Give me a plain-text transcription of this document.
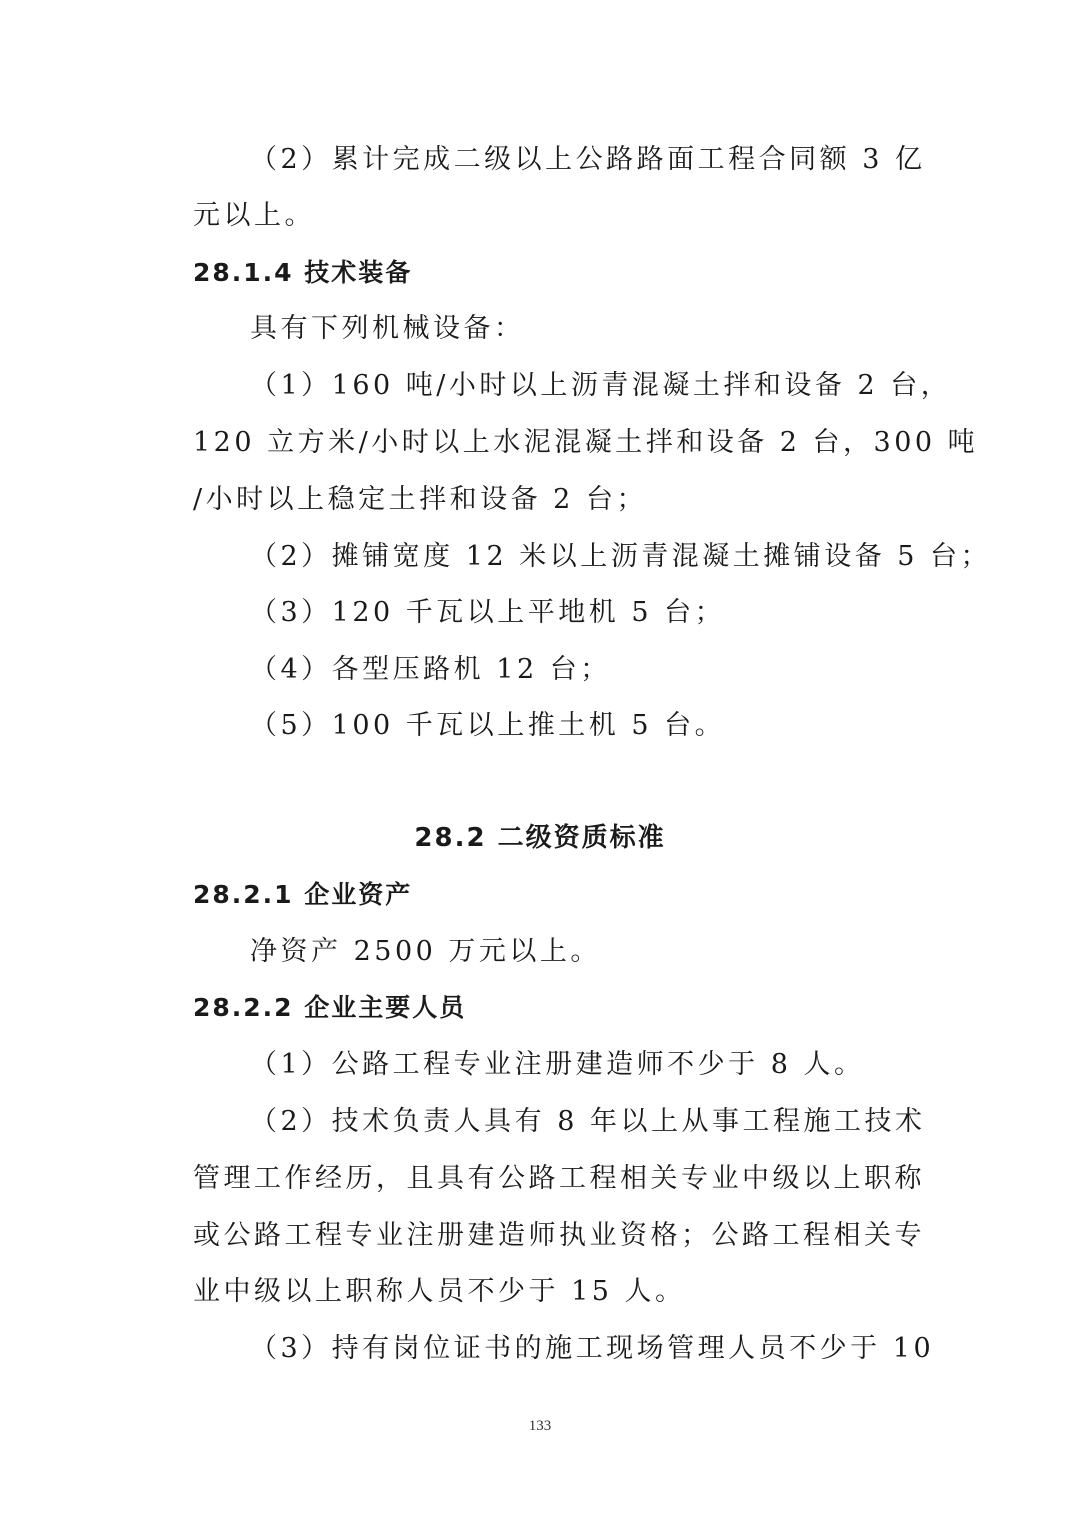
（2）累计完成二级以上公路路面工程合同额 3 亿
元以上。
28.1.4 技术装备
具有下列机械设备：
（1）160 吨/小时以上沥青混凝土拌和设备 2 台，
120 立方米/小时以上水泥混凝土拌和设备 2 台，300 吨
/小时以上稳定土拌和设备 2 台；
（2）摊铺宽度 12 米以上沥青混凝土摊铺设备 5 台；
（3）120 千瓦以上平地机 5 台；
（4）各型压路机 12 台；
（5）100 千瓦以上推土机 5 台。
28.2 二级资质标准
28.2.1 企业资产
净资产 2500 万元以上。
28.2.2 企业主要人员
（1）公路工程专业注册建造师不少于 8 人。
（2）技术负责人具有 8 年以上从事工程施工技术
管理工作经历，且具有公路工程相关专业中级以上职称
或公路工程专业注册建造师执业资格；公路工程相关专
业中级以上职称人员不少于 15 人。
（3）持有岗位证书的施工现场管理人员不少于 10
133
